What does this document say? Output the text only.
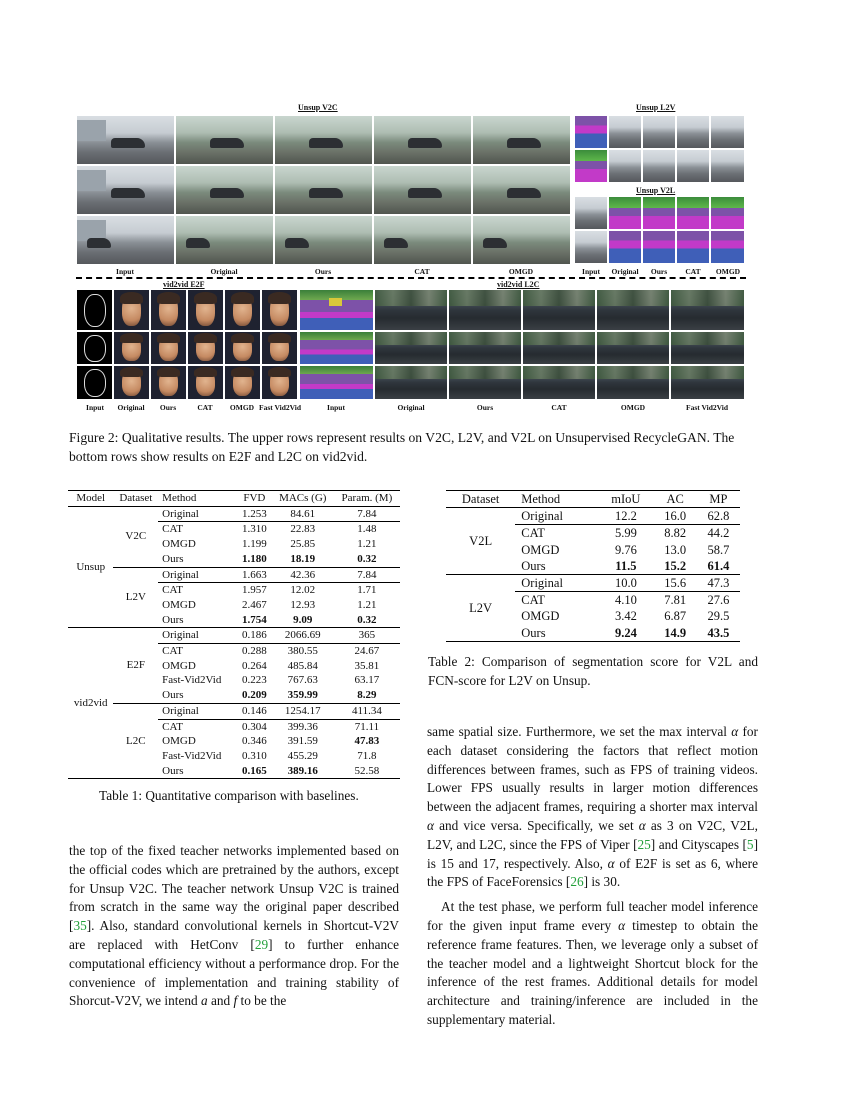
Unsup V2C	Unsup L2V
Unsup V2L
Input	Original	Ours	CAT	OMGD	Input Original Ours CAT OMGD
vid2vid E2F	vid2vid L2C
Input Original Ours	CAT OMGD Fast Vid2Vid	Input	Original	Ours	CAT	OMGD	Fast Vid2Vid
Figure 2: Qualitative results. The upper rows represent results on V2C, L2V, and V2L on Unsupervised RecycleGAN. The bottom rows show results on E2F and L2C on vid2vid.
Model	Dataset	Method	FVD	MACs (G)	Param. (M)
Unsup	V2C	Original	1.253	84.61	7.84
		CAT	1.310	22.83	1.48
		OMGD	1.199	25.85	1.21
		Ours	1.180	18.19	0.32
	L2V	Original	1.663	42.36	7.84
		CAT	1.957	12.02	1.71
		OMGD	2.467	12.93	1.21
		Ours	1.754	9.09	0.32
vid2vid	E2F	Original	0.186	2066.69	365
		CAT	0.288	380.55	24.67
		OMGD	0.264	485.84	35.81
		Fast-Vid2Vid	0.223	767.63	63.17
		Ours	0.209	359.99	8.29
	L2C	Original	0.146	1254.17	411.34
		CAT	0.304	399.36	71.11
		OMGD	0.346	391.59	47.83
		Fast-Vid2Vid	0.310	455.29	71.8
		Ours	0.165	389.16	52.58
Table 1: Quantitative comparison with baselines.
Dataset	Method	mIoU	AC	MP
V2L	Original	12.2	16.0	62.8
	CAT	5.99	8.82	44.2
	OMGD	9.76	13.0	58.7
	Ours	11.5	15.2	61.4
L2V	Original	10.0	15.6	47.3
	CAT	4.10	7.81	27.6
	OMGD	3.42	6.87	29.5
	Ours	9.24	14.9	43.5
Table 2: Comparison of segmentation score for V2L and FCN-score for L2V on Unsup.

the top of the fixed teacher networks implemented based on the official codes which are pretrained by the authors, except for Unsup V2C. The teacher network Unsup V2C is trained from scratch in the same way the original paper described [35]. Also, standard convolutional kernels in Shortcut-V2V are replaced with HetConv [29] to further enhance computational efficiency without a performance drop. For the convenience of implementation and training stability of Shorcut-V2V, we intend a and f to be the

same spatial size. Furthermore, we set the max interval α for each dataset considering the factors that reflect motion differences between frames, such as FPS of training videos. Lower FPS usually results in larger motion differences between the adjacent frames, requiring a shorter max interval α and vice versa. Specifically, we set α as 3 on V2C, V2L, L2V, and L2C, since the FPS of Viper [25] and Cityscapes [5] is 15 and 17, respectively. Also, α of E2F is set as 6, where the FPS of FaceForensics [26] is 30.

At the test phase, we perform full teacher model inference for the given input frame every α timestep to obtain the reference frame features. Then, we leverage only a subset of the teacher model and a lightweight Shortcut block for the inference of the rest frames. Additional details for model architecture and training/inference are included in the supplementary material.
